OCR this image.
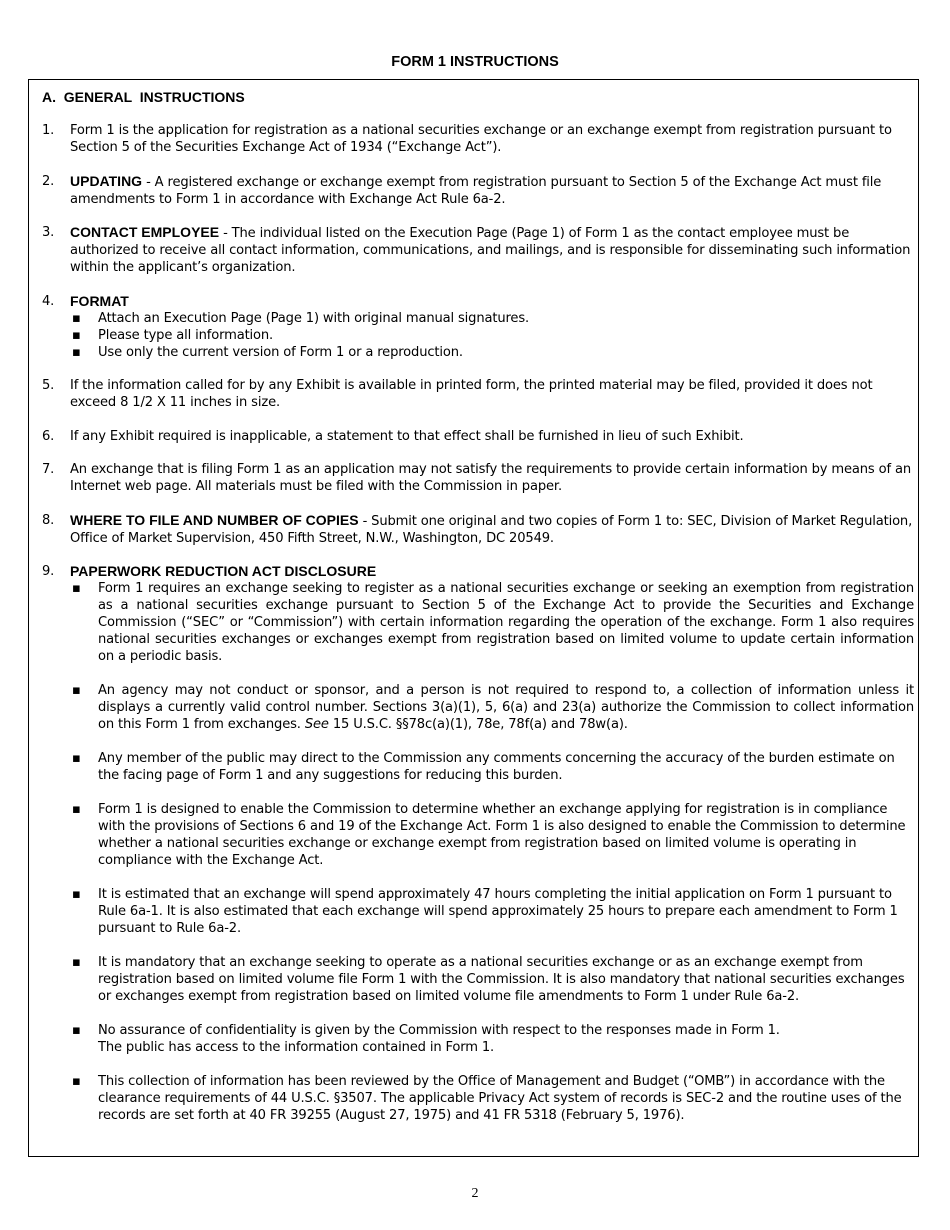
FORM 1 INSTRUCTIONS
A.  GENERAL  INSTRUCTIONS
1. Form 1 is the application for registration as a national securities exchange or an exchange exempt from registration pursuant to Section 5 of the Securities Exchange Act of 1934 (“Exchange Act”).
2. UPDATING - A registered exchange or exchange exempt from registration pursuant to Section 5 of the Exchange Act must file amendments to Form 1 in accordance with Exchange Act Rule 6a-2.
3. CONTACT EMPLOYEE - The individual listed on the Execution Page (Page 1) of Form 1 as the contact employee must be authorized to receive all contact information, communications, and mailings, and is responsible for disseminating such information within the applicant’s organization.
4. FORMAT
▪ Attach an Execution Page (Page 1) with original manual signatures.
▪ Please type all information.
▪ Use only the current version of Form 1 or a reproduction.
5. If the information called for by any Exhibit is available in printed form, the printed material may be filed, provided it does not exceed 8 1/2 X 11 inches in size.
6. If any Exhibit required is inapplicable, a statement to that effect shall be furnished in lieu of such Exhibit.
7. An exchange that is filing Form 1 as an application may not satisfy the requirements to provide certain information by means of an Internet web page. All materials must be filed with the Commission in paper.
8. WHERE TO FILE AND NUMBER OF COPIES - Submit one original and two copies of Form 1 to: SEC, Division of Market Regulation, Office of Market Supervision, 450 Fifth Street, N.W., Washington, DC 20549.
9. PAPERWORK REDUCTION ACT DISCLOSURE
▪ Form 1 requires an exchange seeking to register as a national securities exchange or seeking an exemption from registration as a national securities exchange pursuant to Section 5 of the Exchange Act to provide the Securities and Exchange Commission (“SEC” or “Commission”) with certain information regarding the operation of the exchange. Form 1 also requires national securities exchanges or exchanges exempt from registration based on limited volume to update certain information on a periodic basis.
▪ An agency may not conduct or sponsor, and a person is not required to respond to, a collection of information unless it displays a currently valid control number. Sections 3(a)(1), 5, 6(a) and 23(a) authorize the Commission to collect information on this Form 1 from exchanges. See 15 U.S.C. §§78c(a)(1), 78e, 78f(a) and 78w(a).
▪ Any member of the public may direct to the Commission any comments concerning the accuracy of the burden estimate on the facing page of Form 1 and any suggestions for reducing this burden.
▪ Form 1 is designed to enable the Commission to determine whether an exchange applying for registration is in compliance with the provisions of Sections 6 and 19 of the Exchange Act. Form 1 is also designed to enable the Commission to determine whether a national securities exchange or exchange exempt from registration based on limited volume is operating in compliance with the Exchange Act.
▪ It is estimated that an exchange will spend approximately 47 hours completing the initial application on Form 1 pursuant to Rule 6a-1. It is also estimated that each exchange will spend approximately 25 hours to prepare each amendment to Form 1 pursuant to Rule 6a-2.
▪ It is mandatory that an exchange seeking to operate as a national securities exchange or as an exchange exempt from registration based on limited volume file Form 1 with the Commission. It is also mandatory that national securities exchanges or exchanges exempt from registration based on limited volume file amendments to Form 1 under Rule 6a-2.
▪ No assurance of confidentiality is given by the Commission with respect to the responses made in Form 1.
The public has access to the information contained in Form 1.
▪ This collection of information has been reviewed by the Office of Management and Budget (“OMB”) in accordance with the clearance requirements of 44 U.S.C. §3507. The applicable Privacy Act system of records is SEC-2 and the routine uses of the records are set forth at 40 FR 39255 (August 27, 1975) and 41 FR 5318 (February 5, 1976).
2
